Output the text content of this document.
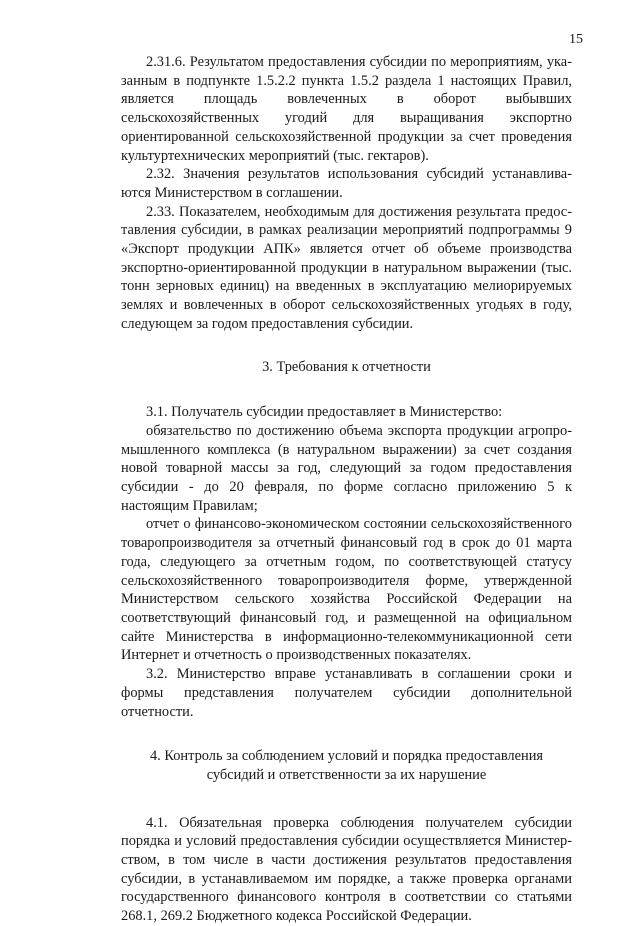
15

2.31.6. Результатом предоставления субсидии по мероприятиям, указанным в подпункте 1.5.2.2 пункта 1.5.2 раздела 1 настоящих Правил, является площадь вовлеченных в оборот выбывших сельскохозяйственных угодий для выращивания экспортно ориентированной сельскохозяйственной продукции за счет проведения культуртехнических мероприятий (тыс. гектаров).

2.32. Значения результатов использования субсидий устанавливаются Министерством в соглашении.

2.33. Показателем, необходимым для достижения результата предоставления субсидии, в рамках реализации мероприятий подпрограммы 9 «Экспорт продукции АПК» является отчет об объеме производства экспортно-ориентированной продукции в натуральном выражении (тыс. тонн зерновых единиц) на введенных в эксплуатацию мелиорируемых землях и вовлеченных в оборот сельскохозяйственных угодьях в году, следующем за годом предоставления субсидии.

3. Требования к отчетности

3.1. Получатель субсидии предоставляет в Министерство:

обязательство по достижению объема экспорта продукции агропромышленного комплекса (в натуральном выражении) за счет создания новой товарной массы за год, следующий за годом предоставления субсидии - до 20 февраля, по форме согласно приложению 5 к настоящим Правилам;

отчет о финансово-экономическом состоянии сельскохозяйственного товаропроизводителя за отчетный финансовый год в срок до 01 марта года, следующего за отчетным годом, по соответствующей статусу сельскохозяйственного товаропроизводителя форме, утвержденной Министерством сельского хозяйства Российской Федерации на соответствующий финансовый год, и размещенной на официальном сайте Министерства в информационно-телекоммуникационной сети Интернет и отчетность о производственных показателях.

3.2. Министерство вправе устанавливать в соглашении сроки и формы представления получателем субсидии дополнительной отчетности.

4. Контроль за соблюдением условий и порядка предоставления
субсидий и ответственности за их нарушение

4.1. Обязательная проверка соблюдения получателем субсидии порядка и условий предоставления субсидии осуществляется Министерством, в том числе в части достижения результатов предоставления субсидии, в устанавливаемом им порядке, а также проверка органами государственного финансового контроля в соответствии со статьями 268.1, 269.2 Бюджетного кодекса Российской Федерации.
